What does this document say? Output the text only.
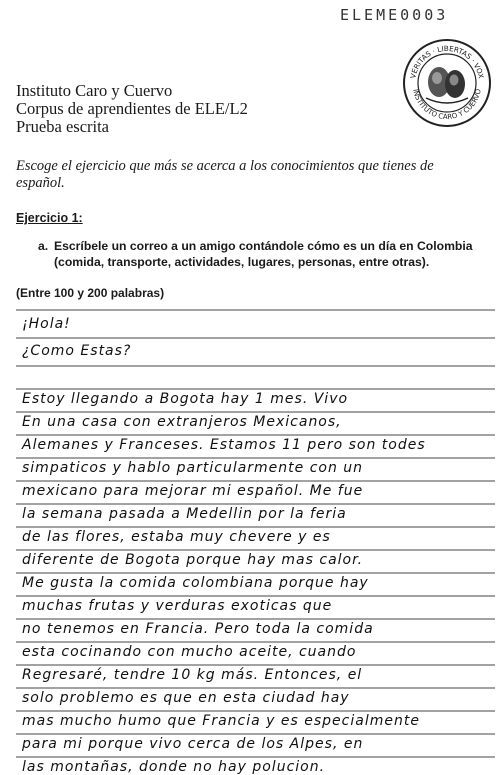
ELEME0003
VERITAS · LIBERTAS · VOX
INSTITUTO CARO Y CUERVO
Instituto Caro y Cuervo
Corpus de aprendientes de ELE/L2
Prueba escrita
Escoge el ejercicio que más se acerca a los conocimientos que tienes de español.
Ejercicio 1:
a. Escríbele un correo a un amigo contándole cómo es un día en Colombia (comida, transporte, actividades, lugares, personas, entre otras).
(Entre 100 y 200 palabras)
¡Hola!
¿Como Estas?
Estoy llegando a Bogota hay 1 mes. Vivo
En una casa con extranjeros Mexicanos,
Alemanes y Franceses. Estamos 11 pero son todes
simpaticos y hablo particularmente con un
mexicano para mejorar mi español. Me fue
la semana pasada a Medellin por la feria
de las flores, estaba muy chevere y es
diferente de Bogota porque hay mas calor.
Me gusta la comida colombiana porque hay
muchas frutas y verduras exoticas que
no tenemos en Francia. Pero toda la comida
esta cocinando con mucho aceite, cuando
Regresaré, tendre 10 kg más. Entonces, el
solo problemo es que en esta ciudad hay
mas mucho humo que Francia y es especialmente
para mi porque vivo cerca de los Alpes, en
las montañas, donde no hay polucion.
